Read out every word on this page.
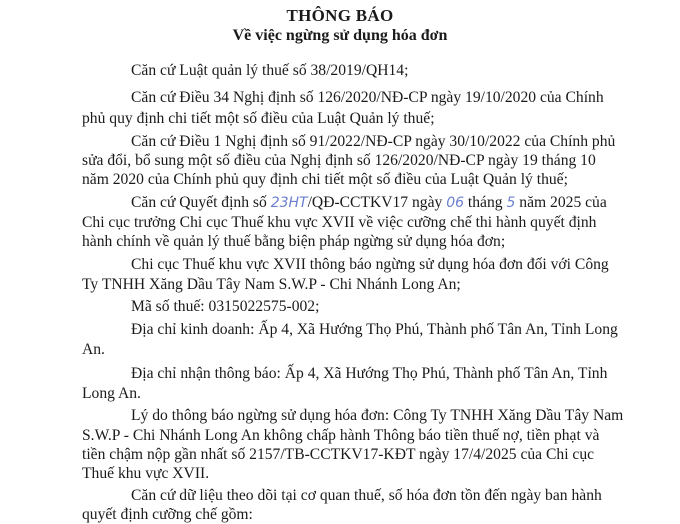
THÔNG BÁO
Về việc ngừng sử dụng hóa đơn
Căn cứ Luật quản lý thuế số 38/2019/QH14;
Căn cứ Điều 34 Nghị định số 126/2020/NĐ-CP ngày 19/10/2020 của Chính
phủ quy định chi tiết một số điều của Luật Quản lý thuế;
Căn cứ Điều 1 Nghị định số 91/2022/NĐ-CP ngày 30/10/2022 của Chính phủ
sửa đổi, bổ sung một số điều của Nghị định số 126/2020/NĐ-CP ngày 19 tháng 10
năm 2020 của Chính phủ quy định chi tiết một số điều của Luật Quản lý thuế;
Căn cứ Quyết định số 23HT/QĐ-CCTKV17 ngày 06 tháng 5 năm 2025 của
Chi cục trưởng Chi cục Thuế khu vực XVII về việc cưỡng chế thi hành quyết định
hành chính về quản lý thuế bằng biện pháp ngừng sử dụng hóa đơn;
Chi cục Thuế khu vực XVII thông báo ngừng sử dụng hóa đơn đối với Công
Ty TNHH Xăng Dầu Tây Nam S.W.P - Chi Nhánh Long An;
Mã số thuế: 0315022575-002;
Địa chỉ kinh doanh: Ấp 4, Xã Hướng Thọ Phú, Thành phố Tân An, Tỉnh Long
An.
Địa chỉ nhận thông báo: Ấp 4, Xã Hướng Thọ Phú, Thành phố Tân An, Tỉnh
Long An.
Lý do thông báo ngừng sử dụng hóa đơn: Công Ty TNHH Xăng Dầu Tây Nam
S.W.P - Chi Nhánh Long An không chấp hành Thông báo tiền thuế nợ, tiền phạt và
tiền chậm nộp gần nhất số 2157/TB-CCTKV17-KĐT ngày 17/4/2025 của Chi cục
Thuế khu vực XVII.
Căn cứ dữ liệu theo dõi tại cơ quan thuế, số hóa đơn tồn đến ngày ban hành
quyết định cưỡng chế gồm:
